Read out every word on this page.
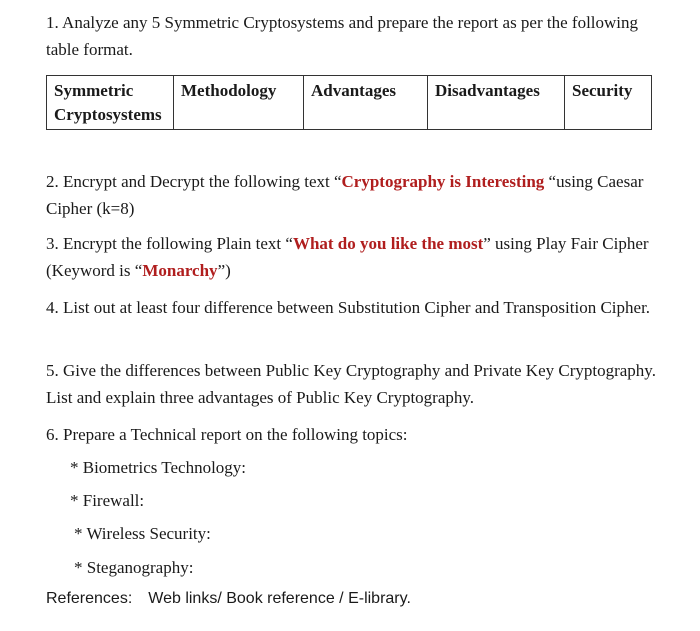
1. Analyze any 5 Symmetric Cryptosystems and prepare the report as per the following table format.

Symmetric Cryptosystems	Methodology	Advantages	Disadvantages	Security

2. Encrypt and Decrypt the following text “Cryptography is Interesting “using Caesar Cipher (k=8)

3. Encrypt the following Plain text “What do you like the most” using Play Fair Cipher (Keyword is “Monarchy”)

4. List out at least four difference between Substitution Cipher and Transposition Cipher.

5. Give the differences between Public Key Cryptography and Private Key Cryptography. List and explain three advantages of Public Key Cryptography.

6. Prepare a Technical report on the following topics:

* Biometrics Technology:

* Firewall:

* Wireless Security:

* Steganography:

References: Web links/ Book reference / E-library.
